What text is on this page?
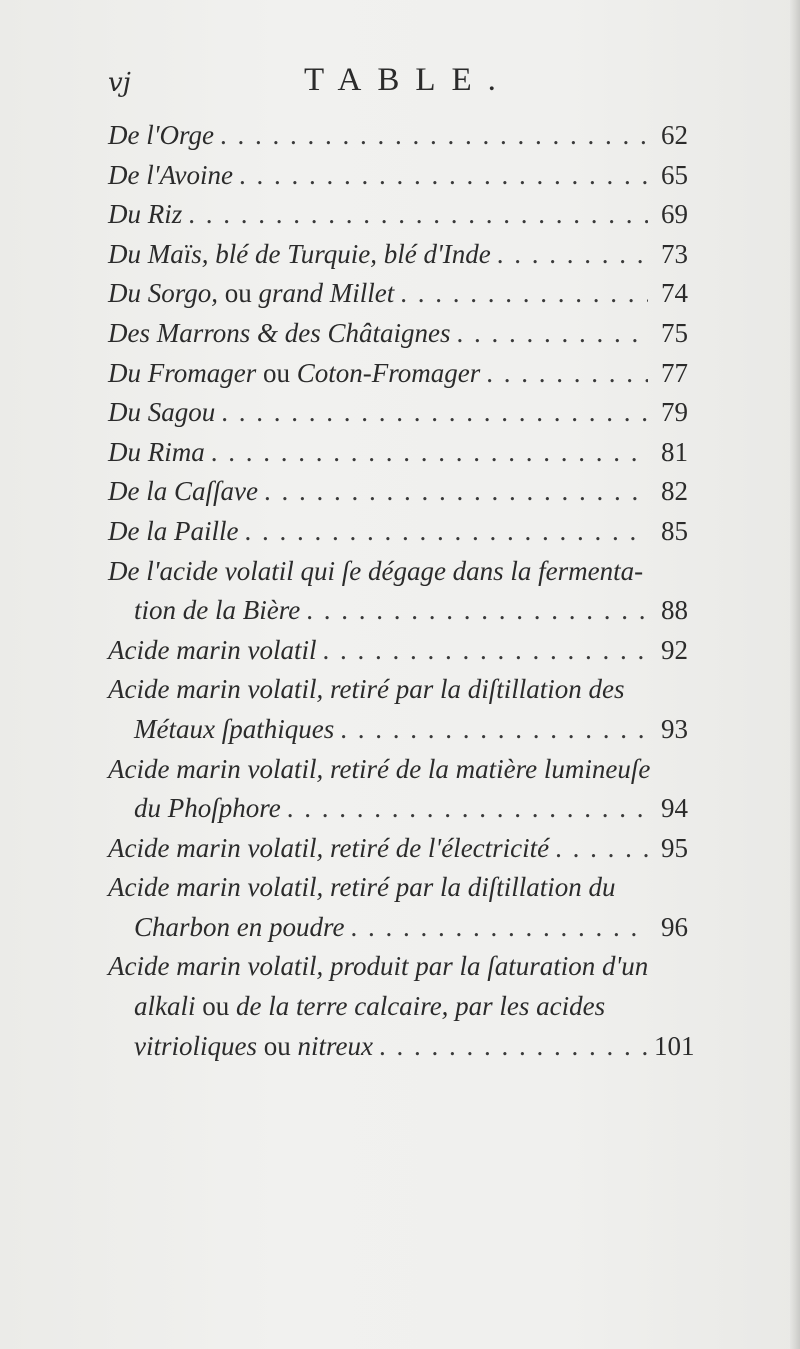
vj	TABLE.
De l'Orge . . .	62
De l'Avoine . . .	65
Du Riz . . .	69
Du Maïs, blé de Turquie, blé d'Inde . . .	73
Du Sorgo, ou grand Millet . . .	74
Des Marrons & des Châtaignes . . .	75
Du Fromager ou Coton-Fromager . . .	77
Du Sagou . . .	79
Du Rima . . .	81
De la Caſſave . . .	82
De la Paille . . .	85
De l'acide volatil qui ſe dégage dans la fermenta-
tion de la Bière . . .	88
Acide marin volatil . . .	92
Acide marin volatil, retiré par la diſtillation des
Métaux ſpathiques . . .	93
Acide marin volatil, retiré de la matière lumineuſe
du Phoſphore . . .	94
Acide marin volatil, retiré de l'électricité . . .	95
Acide marin volatil, retiré par la diſtillation du
Charbon en poudre . . .	96
Acide marin volatil, produit par la ſaturation d'un
alkali ou de la terre calcaire, par les acides
vitrioliques ou nitreux . . .	101
